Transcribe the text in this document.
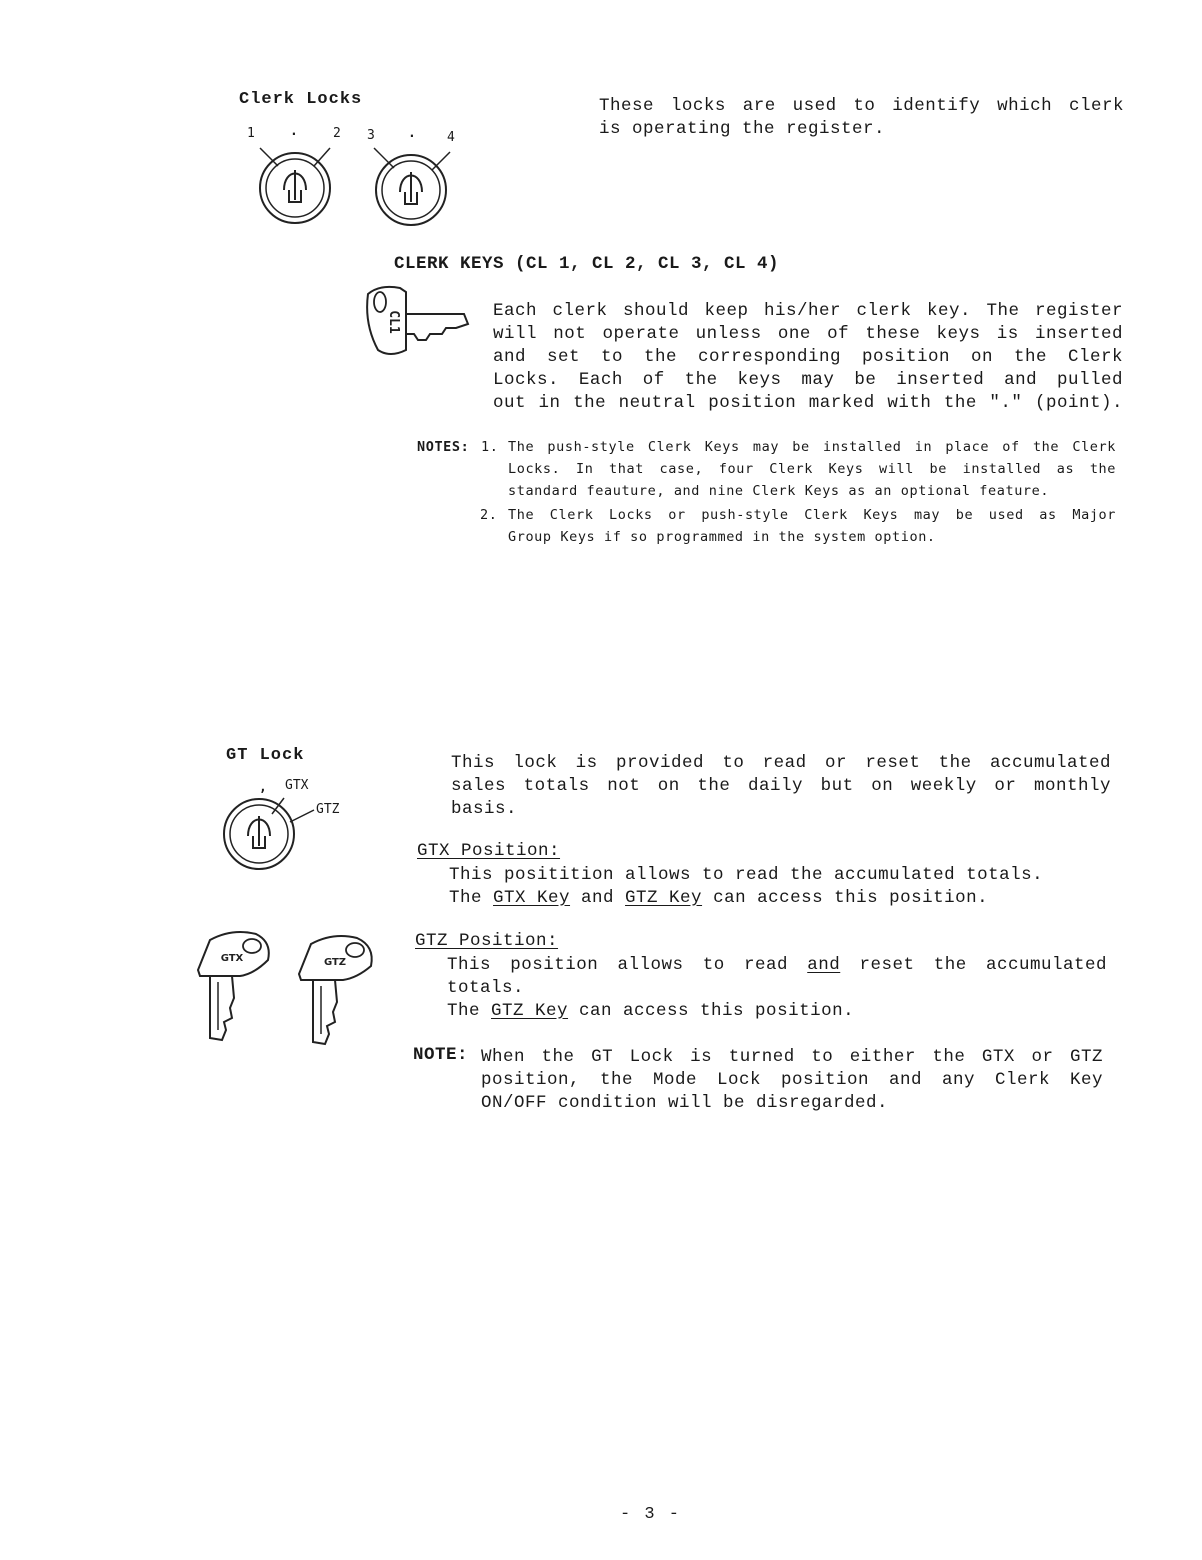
Clerk Locks
1	.	2 3	. 4
These locks are used to identify which clerk
is operating the register.
CLERK KEYS (CL 1, CL 2, CL 3, CL 4)
CL1	Each clerk should keep his/her clerk key. The register
will not operate unless one of these keys is inserted
and set to the corresponding position on the Clerk
Locks. Each of the keys may be inserted and pulled
out in the neutral position marked with the "." (point).
NOTES: 1. The push-style Clerk Keys may be installed in place of the Clerk
Locks. In that case, four Clerk Keys will be installed as the
standard feauture, and nine Clerk Keys as an optional feature.
2. The Clerk Locks or push-style Clerk Keys may be used as Major
Group Keys if so programmed in the system option.
GT Lock
, GTX
GTZ
GTX	GTZ
This lock is provided to read or reset the accumulated
sales totals not on the daily but on weekly or monthly
basis.
GTX Position:
This positition allows to read the accumulated totals.
The GTX Key and GTZ Key can access this position.
GTZ Position:
This position allows to read and reset the accumulated
totals.
The GTZ Key can access this position.
NOTE: When the GT Lock is turned to either the GTX or GTZ
position, the Mode Lock position and any Clerk Key
ON/OFF condition will be disregarded.
- 3 -
